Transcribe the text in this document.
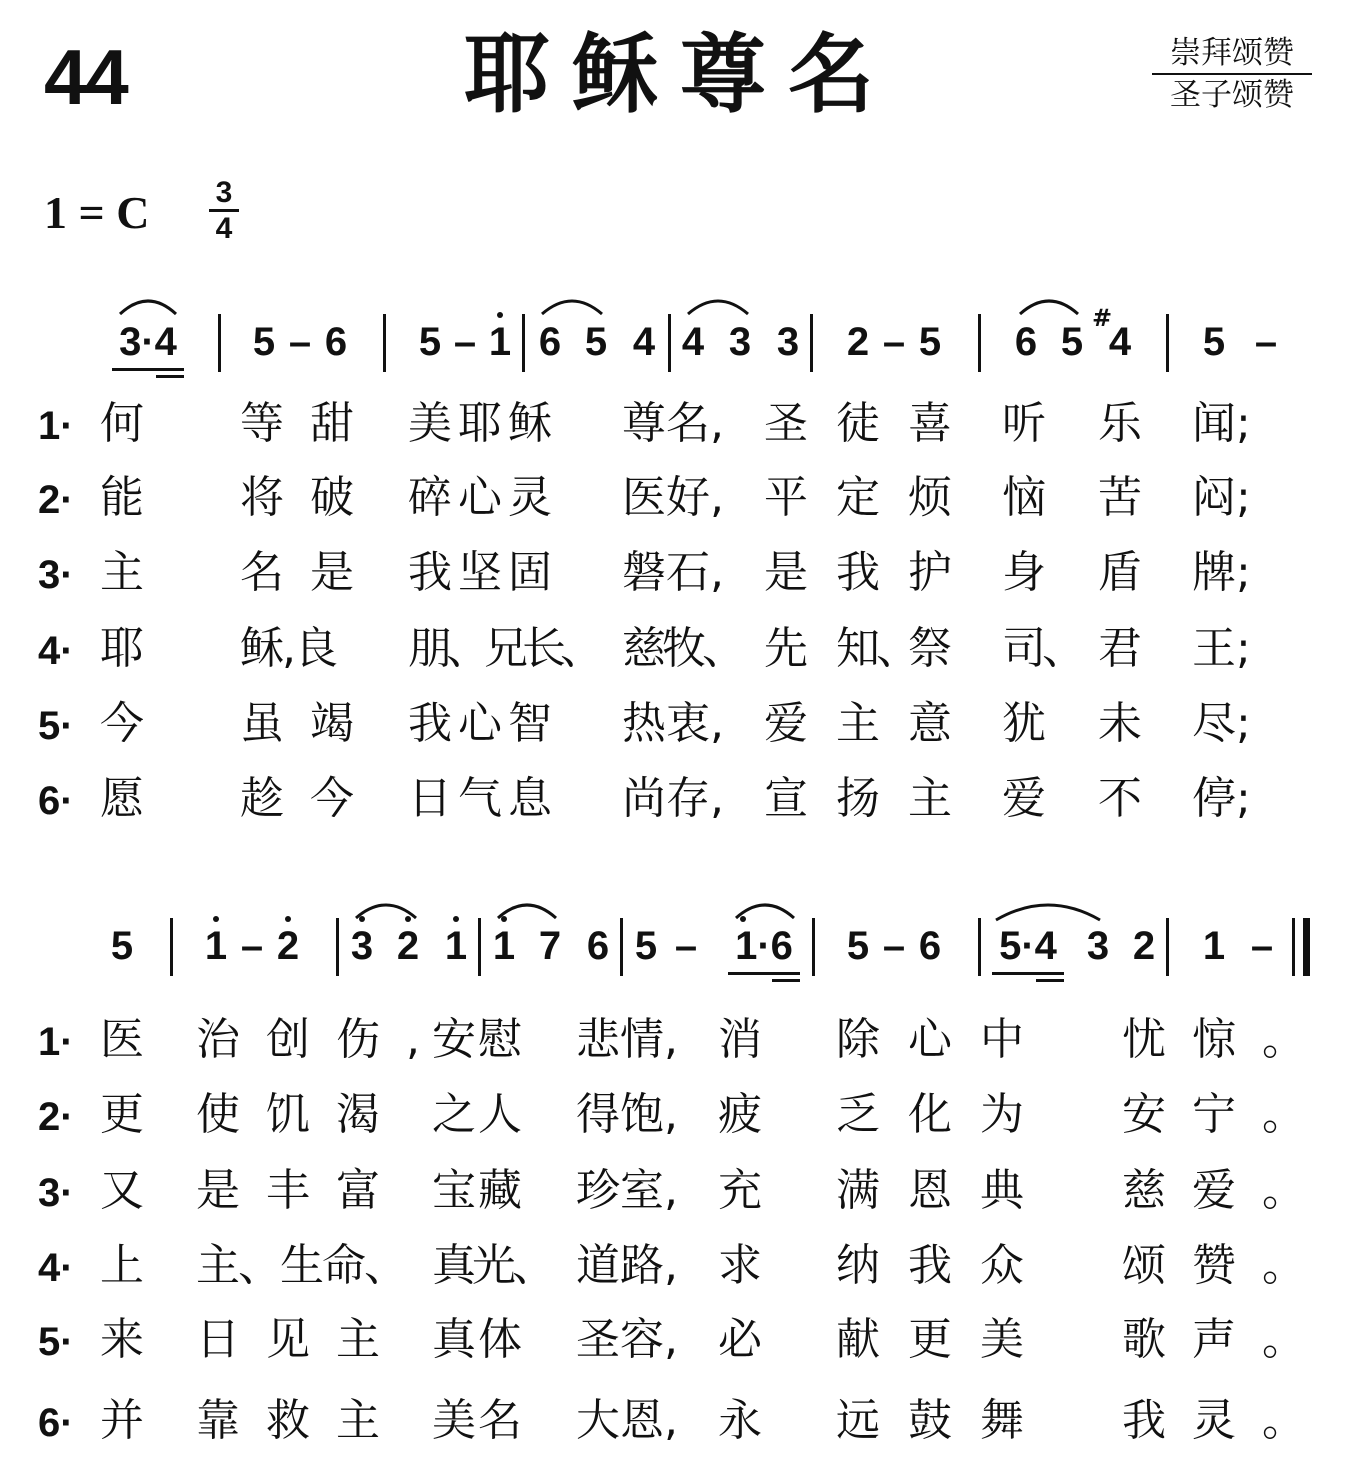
44	耶稣尊名	崇拜颂赞
圣子颂赞
1 = C 3
4
3·4 5 – 6 5 – 1 6 5 4 4 3 3 2 – 5 6 5
#
4 5 –
1· 何 等甜 美耶稣 尊名, 圣 徒 喜 听 乐 闻;
2· 能 将破 碎心灵 医好, 平 定 烦 恼 苦 闷;
3· 主 名是 我坚固 磐石, 是 我 护 身 盾 牌;
4· 耶 稣,良 朋、兄长、 慈牧、 先 知、
祭 司、 君 王;
5· 今 虽竭 我心智 热衷, 爱 主 意 犹 未 尽;
6· 愿 趁今 日气息 尚存, 宣 扬 主 爱 不 停;
5 1 – 2 3 2 1 1 7 6 5 – 1·6 5 – 6 5·4 3 2 1 –
1· 医 治创伤,
安慰 悲情, 消 除心中 忧惊。
2· 更 使饥渴 之人 得饱, 疲 乏化为 安宁。
3· 又 是丰富 宝藏 珍室, 充 满恩典 慈爱。
4· 上 主、生命、 真光、 道路, 求 纳我众 颂赞。
5· 来 日见主 真体 圣容, 必 献更美 歌声。
6· 并 靠救主 美名 大恩, 永 远鼓舞 我灵。
